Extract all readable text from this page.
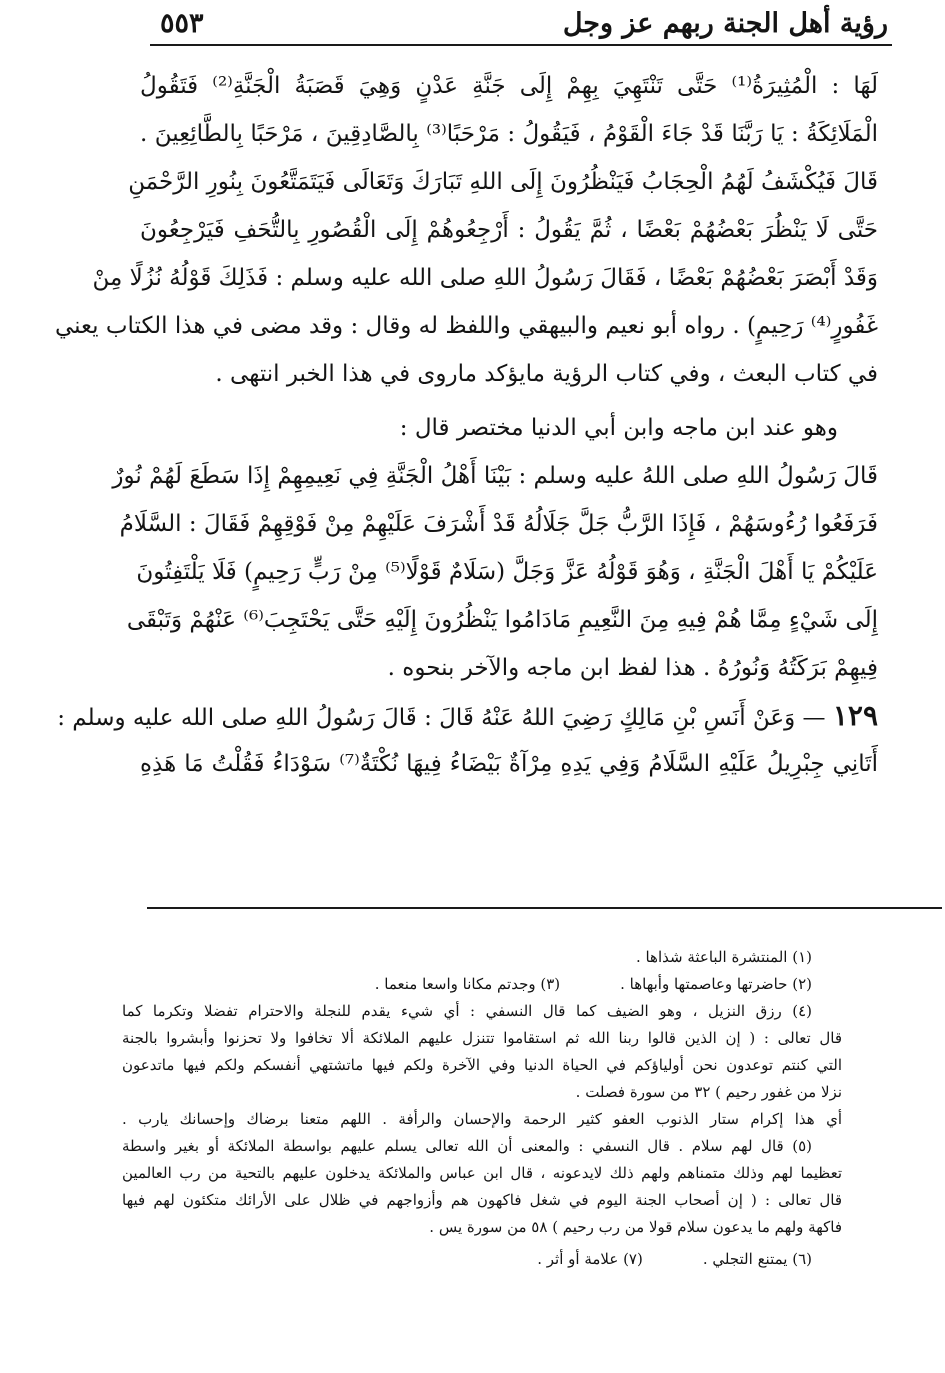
رؤية أهل الجنة ربهم عز وجل
٥٥٣
لَهَا : الْمُثِيرَةُ⁽¹⁾ حَتَّى تَنْتَهِيَ بِهِمْ إِلَى جَنَّةِ عَدْنٍ وَهِيَ قَصَبَةُ الْجَنَّةِ⁽²⁾ فَتَقُولُ
الْمَلَائِكَةُ : يَا رَبَّنَا قَدْ جَاءَ الْقَوْمُ ، فَيَقُولُ : مَرْحَبًا⁽³⁾ بِالصَّادِقِينَ ، مَرْحَبًا بِالطَّائِعِينَ .
قَالَ فَيُكْشَفُ لَهُمُ الْحِجَابُ فَيَنْظُرُونَ إِلَى اللهِ تَبَارَكَ وَتَعَالَى فَيَتَمَتَّعُونَ بِنُورِ الرَّحْمَنِ
حَتَّى لَا يَنْظُرَ بَعْضُهُمْ بَعْضًا ، ثُمَّ يَقُولُ : أَرْجِعُوهُمْ إِلَى الْقُصُورِ بِالتُّحَفِ فَيَرْجِعُونَ
وَقَدْ أَبْصَرَ بَعْضُهُمْ بَعْضًا ، فَقَالَ رَسُولُ اللهِ صلى الله عليه وسلم : فَذَلِكَ قَوْلُهُ نُزُلًا مِنْ
غَفُورٍ⁽⁴⁾ رَحِيمٍ) . رواه أبو نعيم والبيهقي واللفظ له وقال : وقد مضى في هذا الكتاب يعني
في كتاب البعث ، وفي كتاب الرؤية مايؤكد ماروى في هذا الخبر انتهى .
وهو عند ابن ماجه وابن أبي الدنيا مختصر قال :
قَالَ رَسُولُ اللهِ صلى اللهُ عليه وسلم : بَيْنَا أَهْلُ الْجَنَّةِ فِي نَعِيمِهِمْ إِذَا سَطَعَ لَهُمْ نُورٌ
فَرَفَعُوا رُءُوسَهُمْ ، فَإِذَا الرَّبُّ جَلَّ جَلَالُهُ قَدْ أَشْرَفَ عَلَيْهِمْ مِنْ فَوْقِهِمْ فَقَالَ : السَّلَامُ
عَلَيْكُمْ يَا أَهْلَ الْجَنَّةِ ، وَهُوَ قَوْلُهُ عَزَّ وَجَلَّ (سَلَامٌ قَوْلًا⁽⁵⁾ مِنْ رَبٍّ رَحِيمٍ) فَلَا يَلْتَفِتُونَ
إِلَى شَيْءٍ مِمَّا هُمْ فِيهِ مِنَ النَّعِيمِ مَادَامُوا يَنْظُرُونَ إِلَيْهِ حَتَّى يَحْتَجِبَ⁽⁶⁾ عَنْهُمْ وَتَبْقَى
فِيهِمْ بَرَكَتُهُ وَنُورُهُ . هذا لفظ ابن ماجه والآخر بنحوه .
١٢٩ — وَعَنْ أَنَسِ بْنِ مَالِكٍ رَضِيَ اللهُ عَنْهُ قَالَ : قَالَ رَسُولُ اللهِ صلى الله عليه وسلم :
أَتَانِي جِبْرِيلُ عَلَيْهِ السَّلَامُ وَفِي يَدِهِ مِرْآةٌ بَيْضَاءُ فِيهَا نُكْتَةٌ⁽⁷⁾ سَوْدَاءُ فَقُلْتُ مَا هَذِهِ
(١) المنتشرة الباعثة شذاها .
(٢) حاضرتها وعاصمتها وأبهاها .
(٣) وجدتم مكانا واسعا منعما .
(٤) رزق النزيل ، وهو الضيف كما قال النسفي : أي شيء يقدم للنجلة والاحترام تفضلا وتكرما كما
قال تعالى : ( إن الذين قالوا ربنا الله ثم استقاموا تتنزل عليهم الملائكة ألا تخافوا ولا تحزنوا وأبشروا بالجنة
التي كنتم توعدون نحن أولياؤكم في الحياة الدنيا وفي الآخرة ولكم فيها ماتشتهي أنفسكم ولكم فيها ماتدعون
نزلا من غفور رحيم ) ٣٢ من سورة فصلت .
أي هذا إكرام ستار الذنوب العفو كثير الرحمة والإحسان والرأفة . اللهم متعنا برضاك وإحسانك يارب .
(٥) قال لهم سلام . قال النسفي : والمعنى أن الله تعالى يسلم عليهم بواسطة الملائكة أو بغير واسطة
تعظيما لهم وذلك متمناهم ولهم ذلك لايدعونه ، قال ابن عباس والملائكة يدخلون عليهم بالتحية من رب العالمين
قال تعالى : ( إن أصحاب الجنة اليوم في شغل فاكهون هم وأزواجهم في ظلال على الأرائك متكئون لهم فيها
فاكهة ولهم ما يدعون سلام قولا من رب رحيم ) ٥٨ من سورة يس .
(٦) يمتنع التجلي .
(٧) علامة أو أثر .
